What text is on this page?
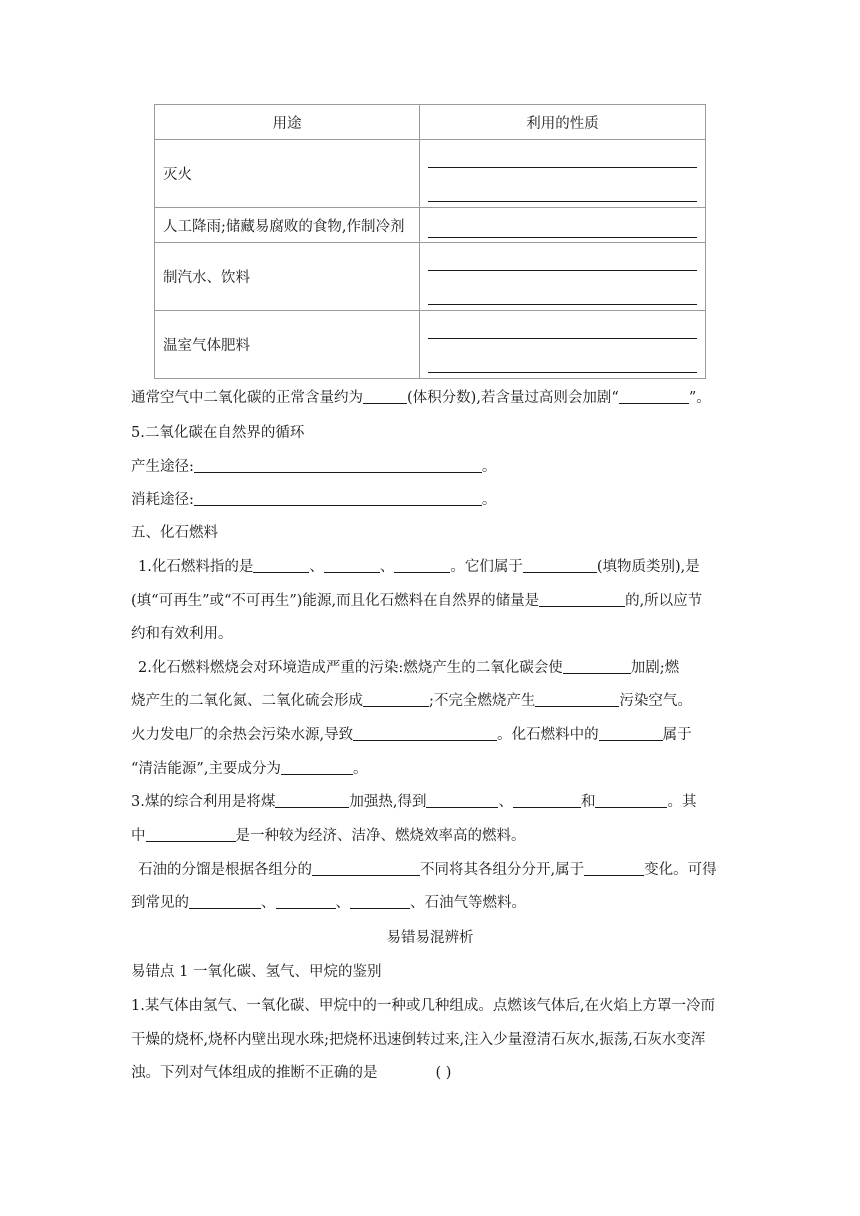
用途	利用的性质
灭火	

人工降雨;储藏易腐败的食物,作制冷剂	

制汽水、饮料	

温室气体肥料	
通常空气中二氧化碳的正常含量约为	(体积分数),若含量过高则会加剧“	”。
5.二氧化碳在自然界的循环
产生途径:	。
消耗途径:	。
五、化石燃料
1.化石燃料指的是	、	、	。它们属于	(填物质类别),是
(填“可再生”或“不可再生”)能源,而且化石燃料在自然界的储量是	的,所以应节
约和有效利用。
2.化石燃料燃烧会对环境造成严重的污染:燃烧产生的二氧化碳会使	加剧;燃
烧产生的二氧化氮、二氧化硫会形成	;不完全燃烧产生	污染空气。
火力发电厂的余热会污染水源,导致	。化石燃料中的	属于
“清洁能源”,主要成分为	。
3.煤的综合利用是将煤	加强热,得到	、	和	。其
中	是一种较为经济、洁净、燃烧效率高的燃料。
石油的分馏是根据各组分的	不同将其各组分分开,属于	变化。可得
到常见的	、	、	、石油气等燃料。
易错易混辨析
易错点 1 一氧化碳、氢气、甲烷的鉴别
1.某气体由氢气、一氧化碳、甲烷中的一种或几种组成。点燃该气体后,在火焰上方罩一冷而
干燥的烧杯,烧杯内壁出现水珠;把烧杯迅速倒转过来,注入少量澄清石灰水,振荡,石灰水变浑
浊。下列对气体组成的推断不正确的是	( )
